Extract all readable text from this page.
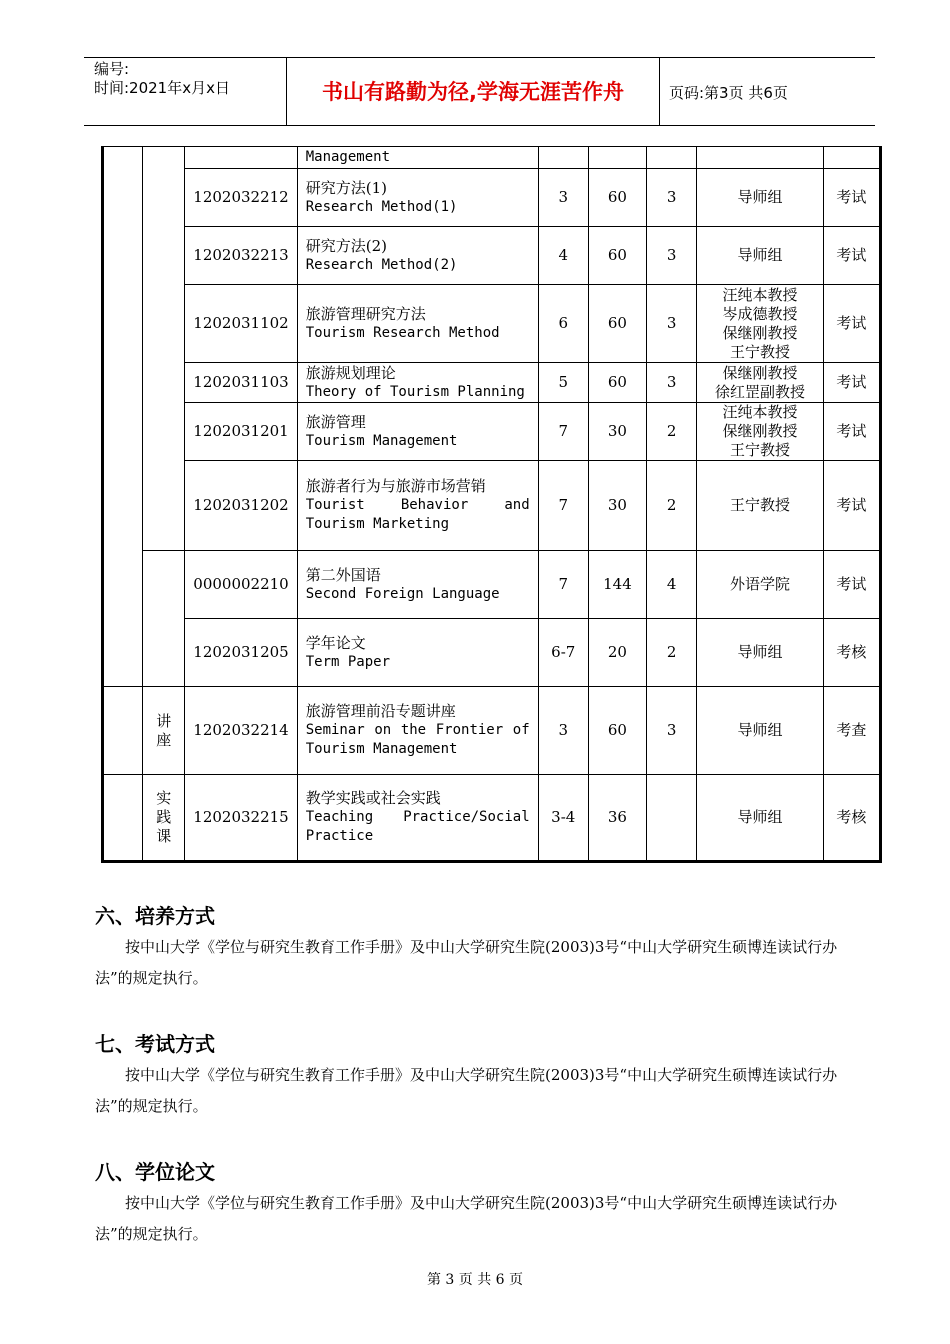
编号:
时间:2021年x月x日	书山有路勤为径,学海无涯苦作舟	页码:第3页 共6页

			Management					

		1202032212	研究方法(1)
Research Method(1)	3	60	3	导师组	考试
		1202032213	研究方法(2)
Research Method(2)	4	60	3	导师组	考试
		1202031102	旅游管理研究方法
Tourism Research Method	6	60	3	汪纯本教授
岑成德教授
保继刚教授
王宁教授	考试
		1202031103	旅游规划理论
Theory of Tourism Planning	5	60	3	保继刚教授
徐红罡副教授	考试
		1202031201	旅游管理
Tourism Management	7	30	2	汪纯本教授
保继刚教授
王宁教授	考试
		1202031202	旅游者行为与旅游市场营销
Tourist Behavior and Tourism Marketing	7	30	2	王宁教授	考试
		0000002210	第二外国语
Second Foreign Language	7	144	4	外语学院	考试
		1202031205	学年论文
Term Paper	6-7	20	2	导师组	考核

	讲座	1202032214	旅游管理前沿专题讲座
Seminar on the Frontier of Tourism Management	3	60	3	导师组	考查

	实践课	1202032215	教学实践或社会实践
Teaching Practice/Social Practice	3-4	36		导师组	考核
六、培养方式

按中山大学《学位与研究生教育工作手册》及中山大学研究生院(2003)3号“中山大学研究生硕博连读试行办法”的规定执行。

七、考试方式

按中山大学《学位与研究生教育工作手册》及中山大学研究生院(2003)3号“中山大学研究生硕博连读试行办法”的规定执行。

八、学位论文

按中山大学《学位与研究生教育工作手册》及中山大学研究生院(2003)3号“中山大学研究生硕博连读试行办法”的规定执行。

第 3 页 共 6 页
